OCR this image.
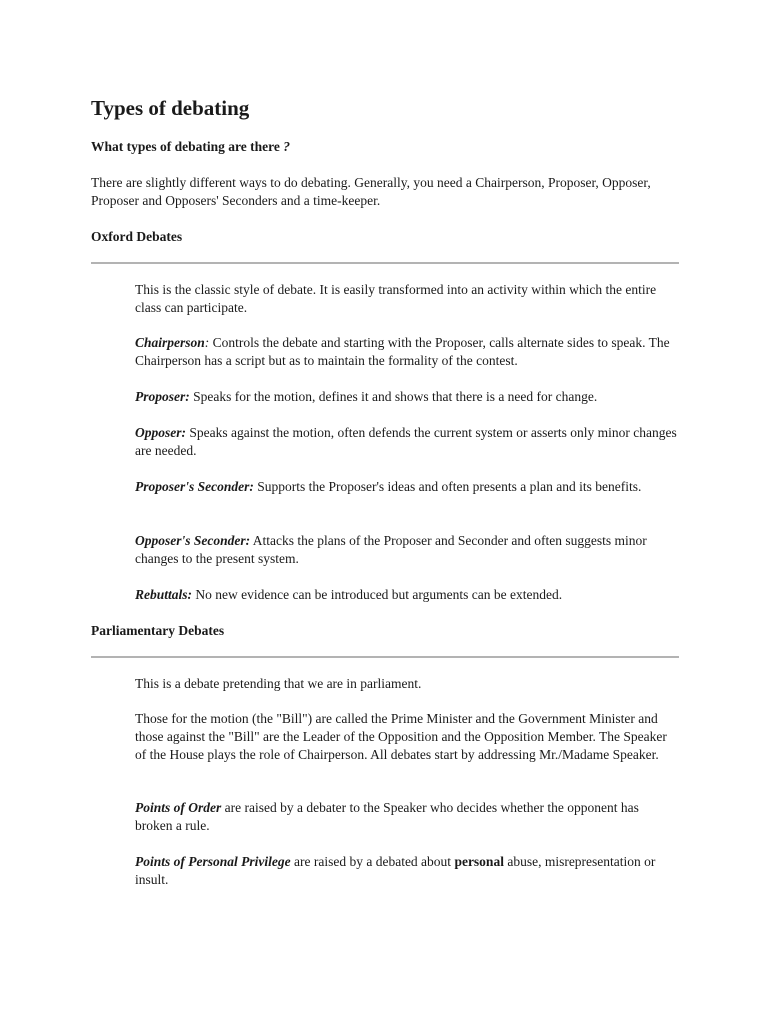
Types of debating

What types of debating are there ?

There are slightly different ways to do debating. Generally, you need a Chairperson, Proposer, Opposer, Proposer and Opposers' Seconders and a time-keeper.

Oxford Debates

This is the classic style of debate. It is easily transformed into an activity within which the entire class can participate.

Chairperson: Controls the debate and starting with the Proposer, calls alternate sides to speak. The Chairperson has a script but as to maintain the formality of the contest.

Proposer: Speaks for the motion, defines it and shows that there is a need for change.

Opposer: Speaks against the motion, often defends the current system or asserts only minor changes are needed.

Proposer's Seconder: Supports the Proposer's ideas and often presents a plan and its benefits.

Opposer's Seconder: Attacks the plans of the Proposer and Seconder and often suggests minor changes to the present system.

Rebuttals: No new evidence can be introduced but arguments can be extended.

Parliamentary Debates

This is a debate pretending that we are in parliament.

Those for the motion (the "Bill") are called the Prime Minister and the Government Minister and those against the "Bill" are the Leader of the Opposition and the Opposition Member. The Speaker of the House plays the role of Chairperson. All debates start by addressing Mr./Madame Speaker.

Points of Order are raised by a debater to the Speaker who decides whether the opponent has broken a rule.

Points of Personal Privilege are raised by a debated about personal abuse, misrepresentation or insult.
